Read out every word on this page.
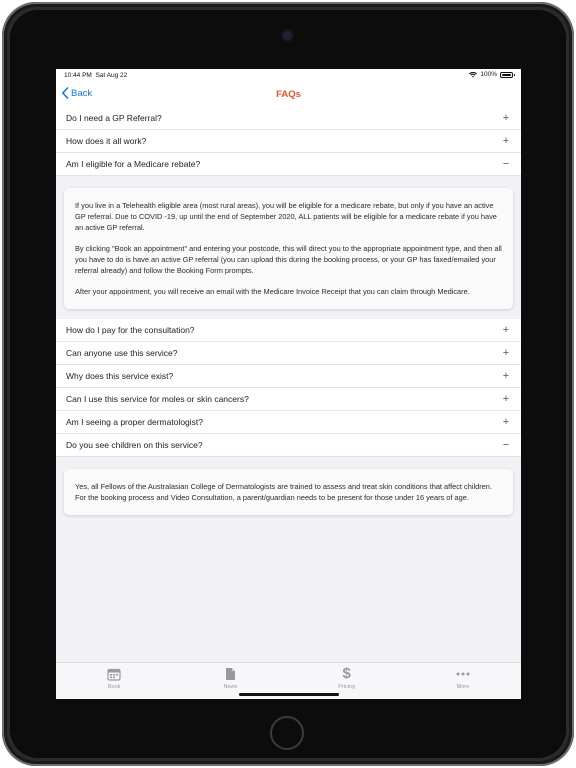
10:44 PM Sat Aug 22	100%
Back	FAQs
Do I need a GP Referral?	+
How does it all work?	+
Am I eligible for a Medicare rebate?	−

If you live in a Telehealth eligible area (most rural areas), you will be eligible for a medicare rebate, but only if you have an active GP referral. Due to COVID -19, up until the end of September 2020, ALL patients will be eligible for a medicare rebate if you have an active GP referral.

By clicking "Book an appointment" and entering your postcode, this will direct you to the appropriate appointment type, and then all you have to do is have an active GP referral (you can upload this during the booking process, or your GP has faxed/emailed your referral already) and follow the Booking Form prompts.

After your appointment, you will receive an email with the Medicare Invoice Receipt that you can claim through Medicare.

How do I pay for the consultation?	+
Can anyone use this service?	+
Why does this service exist?	+
Can I use this service for moles or skin cancers?	+
Am I seeing a proper dermatologist?	+
Do you see children on this service?	−

Yes, all Fellows of the Australasian College of Dermatologists are trained to assess and treat skin conditions that affect children. For the booking process and Video Consultation, a parent/guardian needs to be present for those under 16 years of age.

Book	News
$
Pricing	More
